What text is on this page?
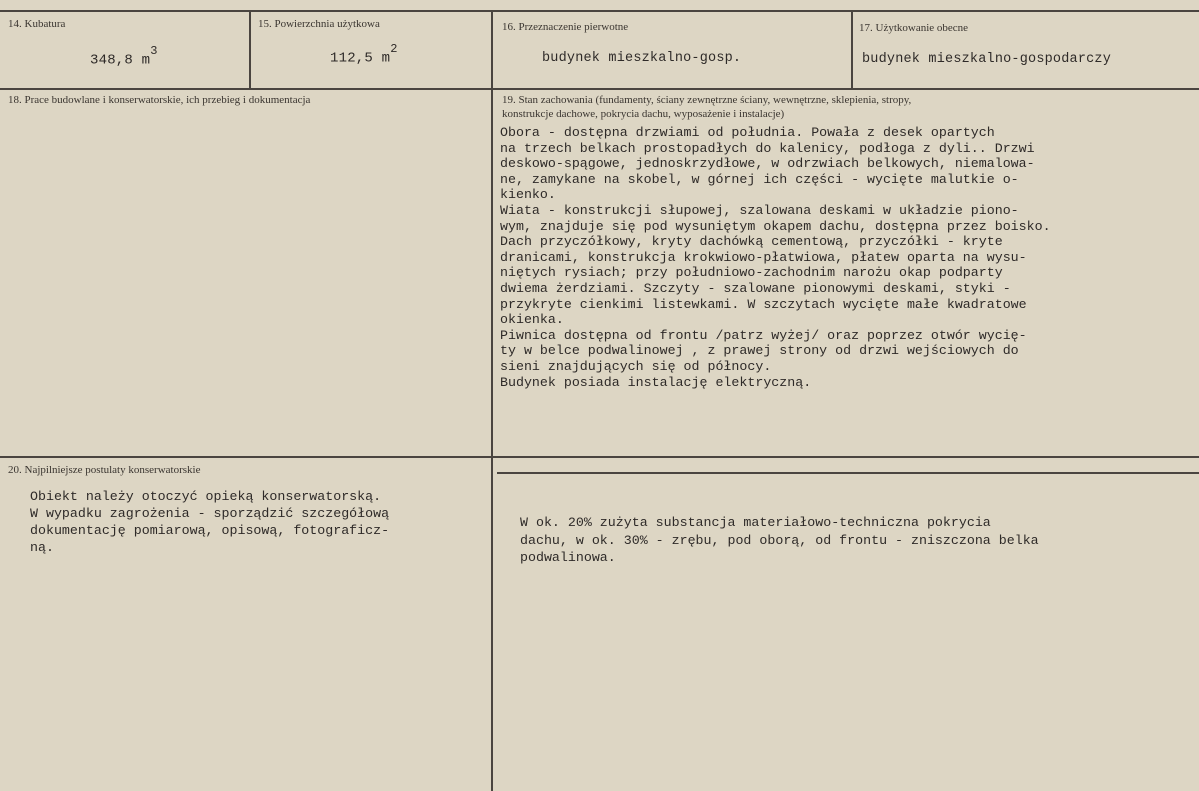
14. Kubatura
348,8 $m^3$
15. Powierzchnia użytkowa
112,5 $m^2$
16. Przeznaczenie pierwotne
budynek mieszkalno-gosp.
17. Użytkowanie obecne
budynek mieszkalno-gospodarczy
18. Prace budowlane i konserwatorskie, ich przebieg i dokumentacja	19. Stan zachowania (fundamenty, ściany zewnętrzne ściany, wewnętrzne, sklepienia, stropy,
konstrukcje dachowe, pokrycia dachu, wyposażenie i instalacje)
Obora - dostępna drzwiami od południa. Powała z desek opartych
na trzech belkach prostopadłych do kalenicy, podłoga z dyli.. Drzwi
deskowo-spągowe, jednoskrzydłowe, w odrzwiach belkowych, niemalowa-
ne, zamykane na skobel, w górnej ich części - wycięte malutkie o-
kienko.
Wiata - konstrukcji słupowej, szalowana deskami w układzie piono-
wym, znajduje się pod wysuniętym okapem dachu, dostępna przez boisko.
Dach przyczółkowy, kryty dachówką cementową, przyczółki - kryte
dranicami, konstrukcja krokwiowo-płatwiowa, płatew oparta na wysu-
niętych rysiach; przy południowo-zachodnim narożu okap podparty
dwiema żerdziami. Szczyty - szalowane pionowymi deskami, styki -
przykryte cienkimi listewkami. W szczytach wycięte małe kwadratowe
okienka.
Piwnica dostępna od frontu /patrz wyżej/ oraz poprzez otwór wycię-
ty w belce podwalinowej , z prawej strony od drzwi wejściowych do
sieni znajdujących się od północy.
Budynek posiada instalację elektryczną.
20. Najpilniejsze postulaty konserwatorskie
Obiekt należy otoczyć opieką konserwatorską.
W wypadku zagrożenia - sporządzić szczegółową
dokumentację pomiarową, opisową, fotograficz-
ną.
W ok. 20% zużyta substancja materiałowo-techniczna pokrycia
dachu, w ok. 30% - zrębu, pod oborą, od frontu - zniszczona belka
podwalinowa.
